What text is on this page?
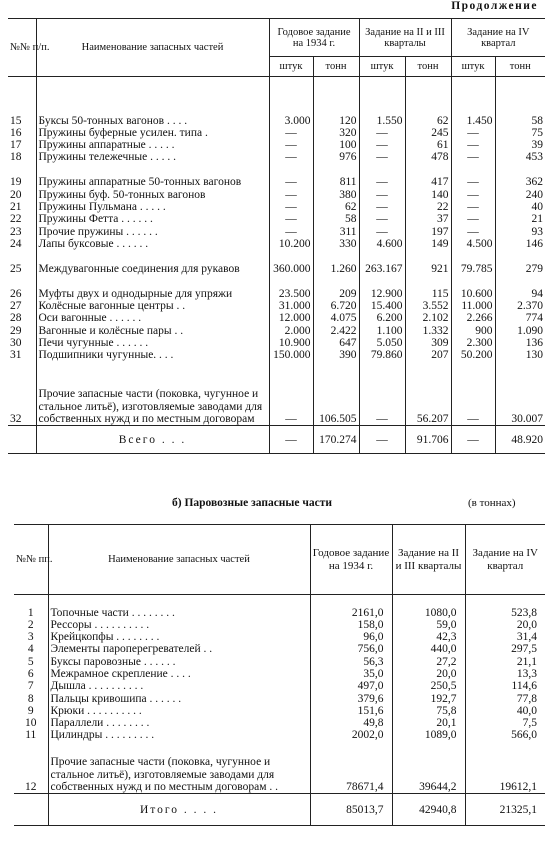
Продолжение
№№ п/п.	Наименование запасных частей	Годовое задание на 1934 г.		Задание на II и III кварталы		Задание на IV квартал	
		штук	тонн	штук	тонн	штук	тонн

15	Буксы 50-тонных вагонов . . . .	3.000	120	1.550	62	1.450	58
16	Пружины буферные усилен. типа .	—	320	—	245	—	75
17	Пружины аппаратные . . . . .	—	100	—	61	—	39
18	Пружины тележечные . . . . .	—	976	—	478	—	453
19	Пружины аппаратные 50-тонных вагонов	—	811	—	417	—	362
20	Пружины буф. 50-тонных вагонов	—	380	—	140	—	240
21	Пружины Пульмана . . . . .	—	62	—	22	—	40
22	Пружины Фетта . . . . . .	—	58	—	37	—	21
23	Прочие пружины . . . . . .	—	311	—	197	—	93
24	Лапы буксовые . . . . . .	10.200	330	4.600	149	4.500	146
25	Междувагонные соединения для рукавов	360.000	1.260	263.167	921	79.785	279
26	Муфты двух и однодырные для упряжи	23.500	209	12.900	115	10.600	94
27	Колёсные вагонные центры . .	31.000	6.720	15.400	3.552	11.000	2.370
28	Оси вагонные . . . . . .	12.000	4.075	6.200	2.102	2.266	774
29	Вагонные и колёсные пары . .	2.000	2.422	1.100	1.332	900	1.090
30	Печи чугунные . . . . . .	10.900	647	5.050	309	2.300	136
31	Подшипники чугунные. . . .	150.000	390	79.860	207	50.200	130
32	Прочие запасные части (поковка, чугунное и стальное литьё), изготовляемые заводами для собственных нужд и по местным договорам	—	106.505	—	56.207	—	30.007
	Всего . . .	—	170.274	—	91.706	—	48.920
б) Паровозные запасные части	(в тоннах)
№№ пп.	Наименование запасных частей	Годовое задание на 1934 г.	Задание на II и III кварталы	Задание на IV квартал

1	Топочные части . . . . . . . .	2161,0	1080,0	523,8
2	Рессоры . . . . . . . . . .	158,0	59,0	20,0
3	Крейцкопфы . . . . . . . .	96,0	42,3	31,4
4	Элементы пароперегревателей . .	756,0	440,0	297,5
5	Буксы паровозные . . . . . .	56,3	27,2	21,1
6	Межрамное скрепление . . . .	35,0	20,0	13,3
7	Дышла . . . . . . . . . .	497,0	250,5	114,6
8	Пальцы кривошипа . . . . . .	379,6	192,7	77,8
9	Крюки . . . . . . . . . .	151,6	75,8	40,0
10	Параллели . . . . . . . .	49,8	20,1	7,5
11	Цилиндры . . . . . . . . .	2002,0	1089,0	566,0
12	Прочие запасные части (поковка, чугунное и стальное литьё), изготовляемые заводами для собственных нужд и по местным договорам . .	78671,4	39644,2	19612,1
	Итого . . . .	85013,7	42940,8	21325,1
